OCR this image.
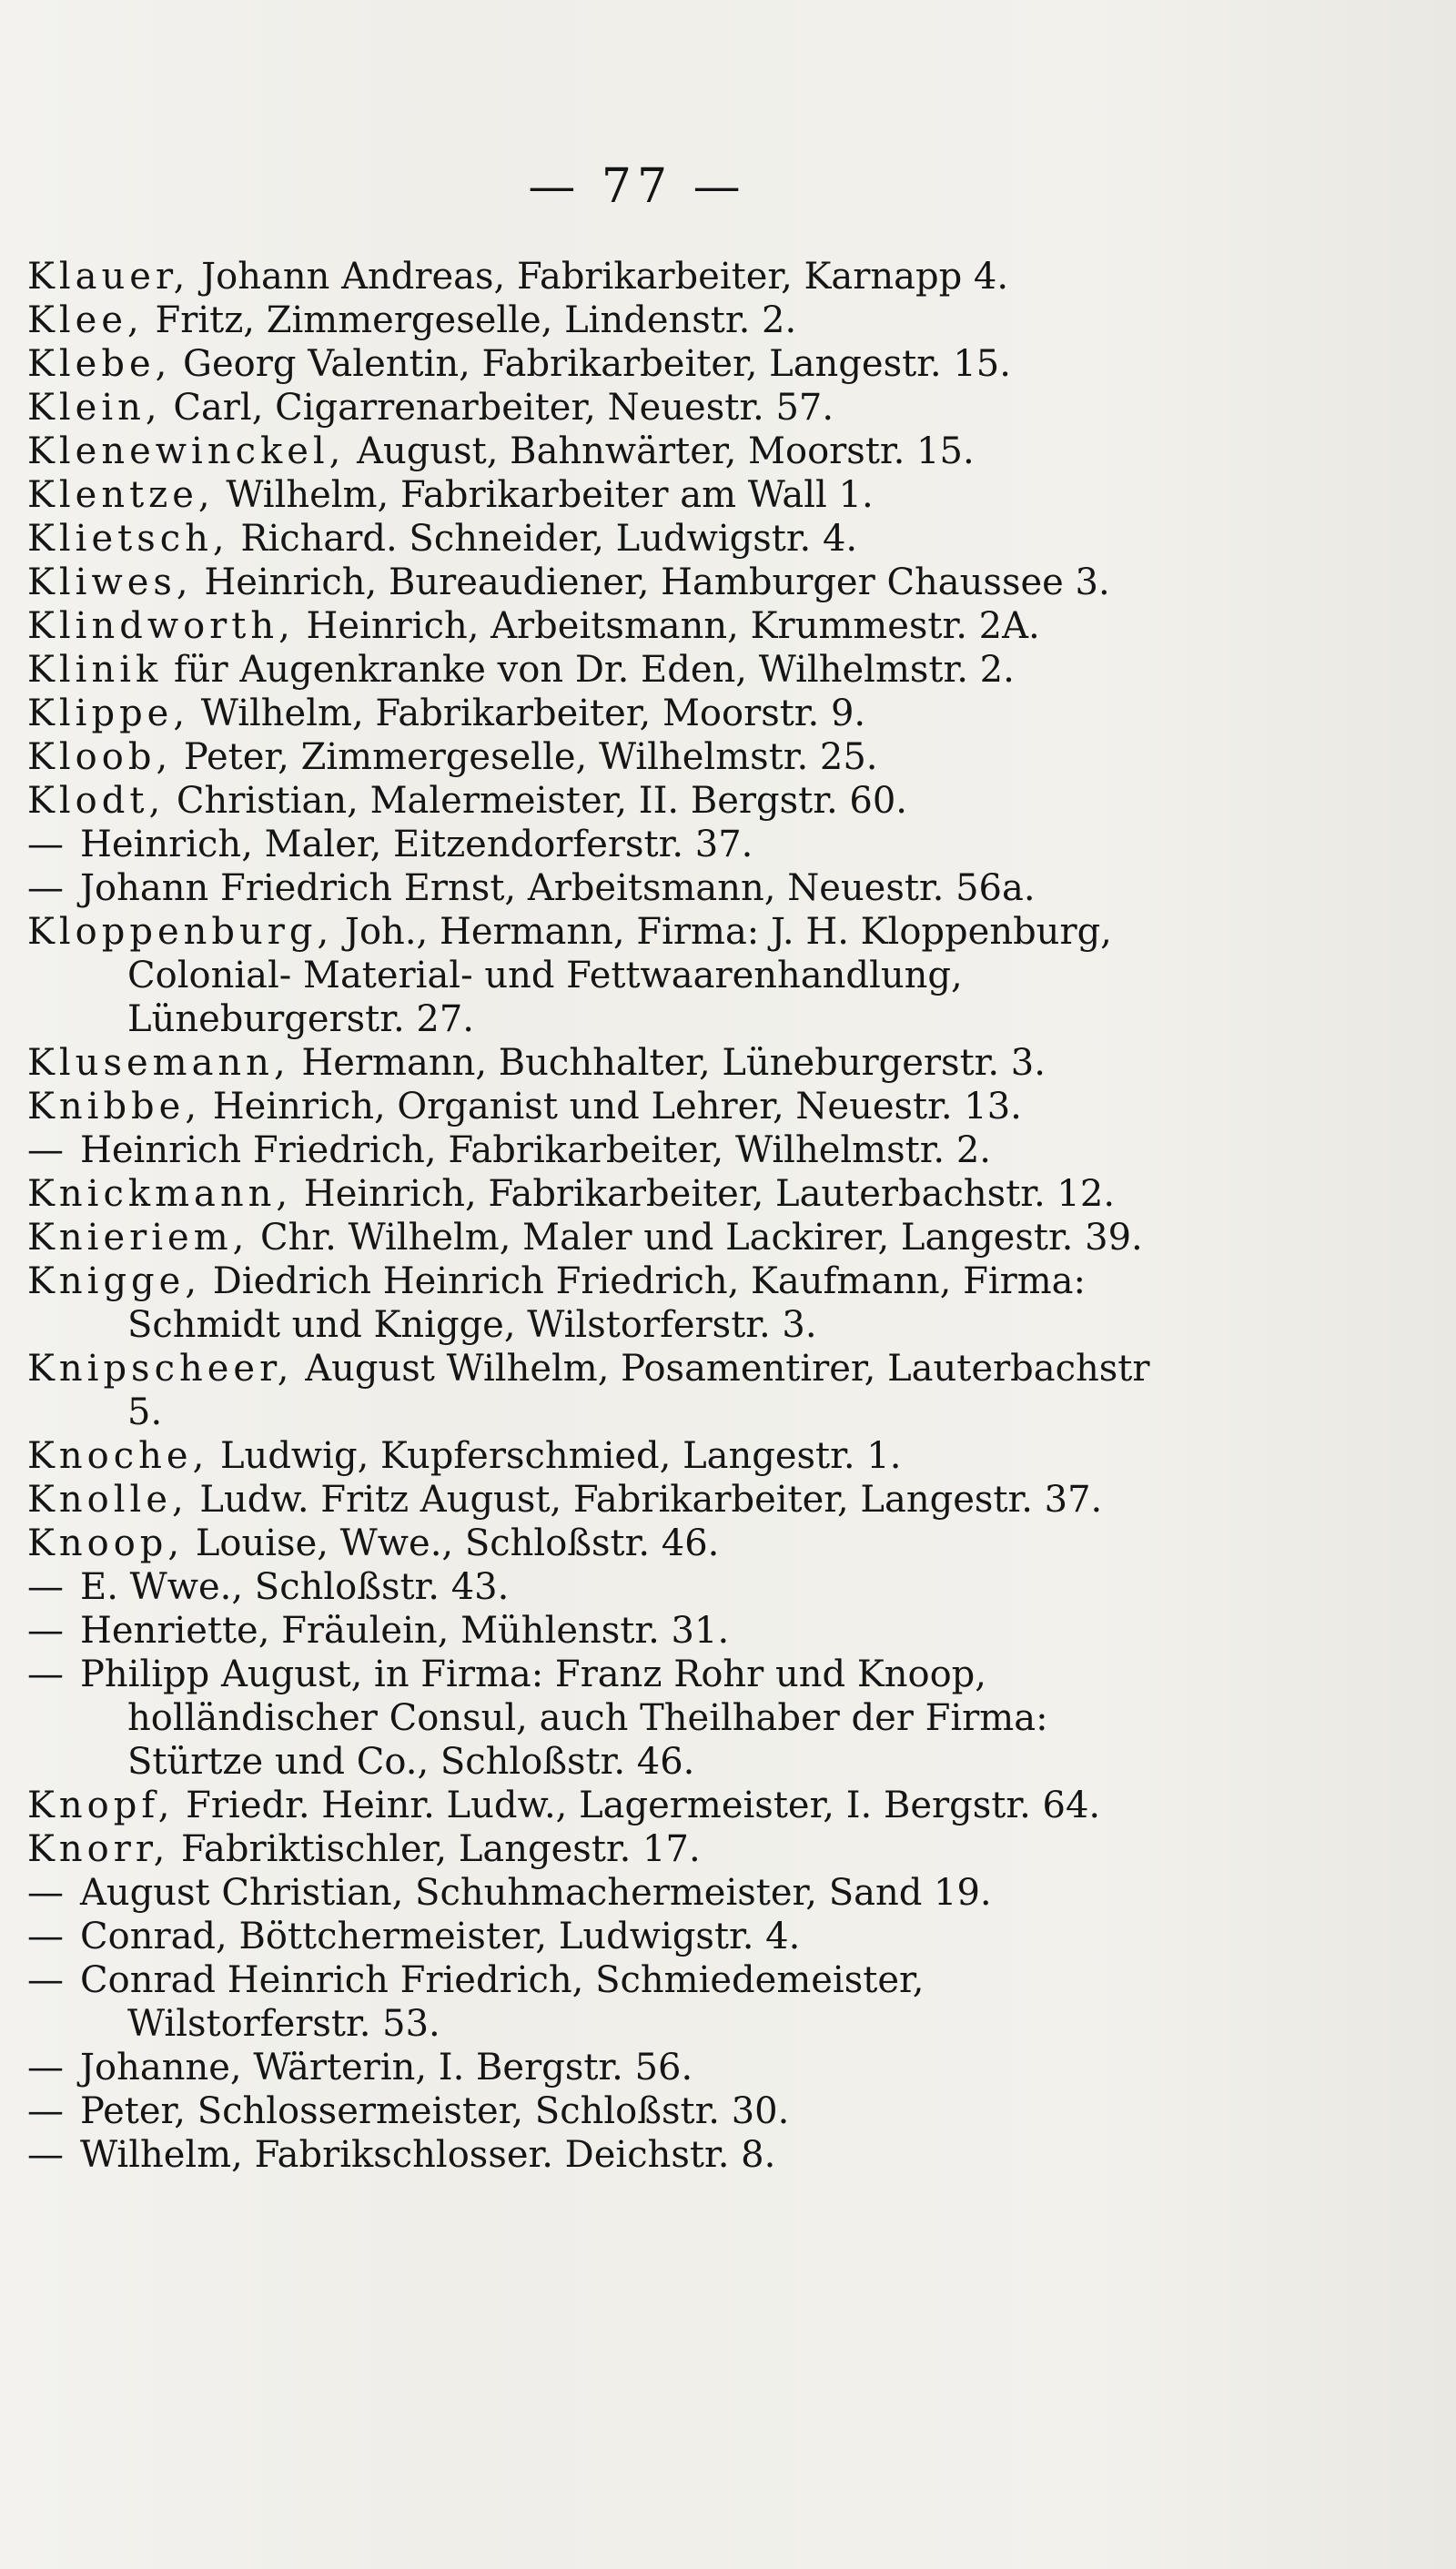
— 77 —

Klauer, Johann Andreas, Fabrikarbeiter, Karnapp 4.

Klee, Fritz, Zimmergeselle, Lindenstr. 2.

Klebe, Georg Valentin, Fabrikarbeiter, Langestr. 15.

Klein, Carl, Cigarrenarbeiter, Neuestr. 57.

Klenewinckel, August, Bahnwärter, Moorstr. 15.

Klentze, Wilhelm, Fabrikarbeiter am Wall 1.

Klietsch, Richard. Schneider, Ludwigstr. 4.

Kliwes, Heinrich, Bureaudiener, Hamburger Chaussee 3.

Klindworth, Heinrich, Arbeitsmann, Krummestr. 2A.

Klinik für Augenkranke von Dr. Eden, Wilhelmstr. 2.

Klippe, Wilhelm, Fabrikarbeiter, Moorstr. 9.

Kloob, Peter, Zimmergeselle, Wilhelmstr. 25.

Klodt, Christian, Malermeister, II. Bergstr. 60.

— Heinrich, Maler, Eitzendorferstr. 37.

— Johann Friedrich Ernst, Arbeitsmann, Neuestr. 56a.

Kloppenburg, Joh., Hermann, Firma: J. H. Kloppenburg, Colonial- Material- und Fettwaarenhandlung, Lüneburgerstr. 27.

Klusemann, Hermann, Buchhalter, Lüneburgerstr. 3.

Knibbe, Heinrich, Organist und Lehrer, Neuestr. 13.

— Heinrich Friedrich, Fabrikarbeiter, Wilhelmstr. 2.

Knickmann, Heinrich, Fabrikarbeiter, Lauterbachstr. 12.

Knieriem, Chr. Wilhelm, Maler und Lackirer, Langestr. 39.

Knigge, Diedrich Heinrich Friedrich, Kaufmann, Firma: Schmidt und Knigge, Wilstorferstr. 3.

Knipscheer, August Wilhelm, Posamentirer, Lauterbachstr 5.

Knoche, Ludwig, Kupferschmied, Langestr. 1.

Knolle, Ludw. Fritz August, Fabrikarbeiter, Langestr. 37.

Knoop, Louise, Wwe., Schloßstr. 46.

— E. Wwe., Schloßstr. 43.

— Henriette, Fräulein, Mühlenstr. 31.

— Philipp August, in Firma: Franz Rohr und Knoop, holländischer Consul, auch Theilhaber der Firma: Stürtze und Co., Schloßstr. 46.

Knopf, Friedr. Heinr. Ludw., Lagermeister, I. Bergstr. 64.

Knorr, Fabriktischler, Langestr. 17.

— August Christian, Schuhmachermeister, Sand 19.

— Conrad, Böttchermeister, Ludwigstr. 4.

— Conrad Heinrich Friedrich, Schmiedemeister, Wilstorferstr. 53.

— Johanne, Wärterin, I. Bergstr. 56.

— Peter, Schlossermeister, Schloßstr. 30.

— Wilhelm, Fabrikschlosser. Deichstr. 8.
